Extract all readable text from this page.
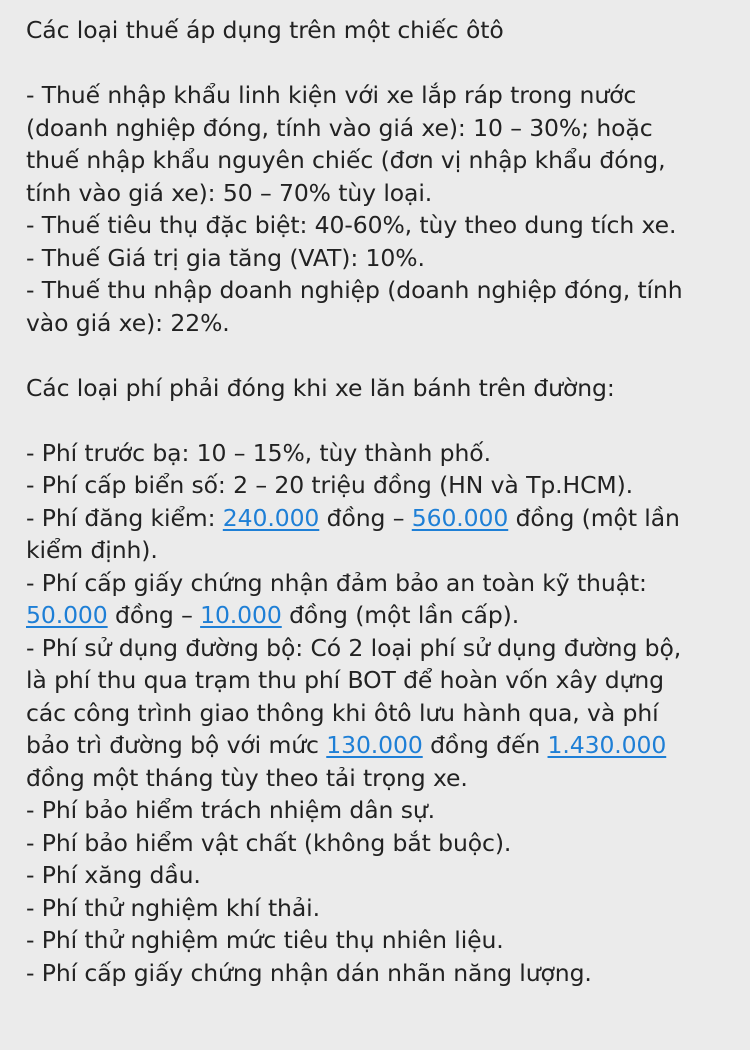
Các loại thuế áp dụng trên một chiếc ôtô
- Thuế nhập khẩu linh kiện với xe lắp ráp trong nước
(doanh nghiệp đóng, tính vào giá xe): 10 – 30%; hoặc
thuế nhập khẩu nguyên chiếc (đơn vị nhập khẩu đóng,
tính vào giá xe): 50 – 70% tùy loại.
- Thuế tiêu thụ đặc biệt: 40-60%, tùy theo dung tích xe.
- Thuế Giá trị gia tăng (VAT): 10%.
- Thuế thu nhập doanh nghiệp (doanh nghiệp đóng, tính
vào giá xe): 22%.
Các loại phí phải đóng khi xe lăn bánh trên đường:
- Phí trước bạ: 10 – 15%, tùy thành phố.
- Phí cấp biển số: 2 – 20 triệu đồng (HN và Tp.HCM).
- Phí đăng kiểm: 240.000 đồng – 560.000 đồng (một lần
kiểm định).
- Phí cấp giấy chứng nhận đảm bảo an toàn kỹ thuật:
50.000 đồng – 10.000 đồng (một lần cấp).
- Phí sử dụng đường bộ: Có 2 loại phí sử dụng đường bộ,
là phí thu qua trạm thu phí BOT để hoàn vốn xây dựng
các công trình giao thông khi ôtô lưu hành qua, và phí
bảo trì đường bộ với mức 130.000 đồng đến 1.430.000
đồng một tháng tùy theo tải trọng xe.
- Phí bảo hiểm trách nhiệm dân sự.
- Phí bảo hiểm vật chất (không bắt buộc).
- Phí xăng dầu.
- Phí thử nghiệm khí thải.
- Phí thử nghiệm mức tiêu thụ nhiên liệu.
- Phí cấp giấy chứng nhận dán nhãn năng lượng.
